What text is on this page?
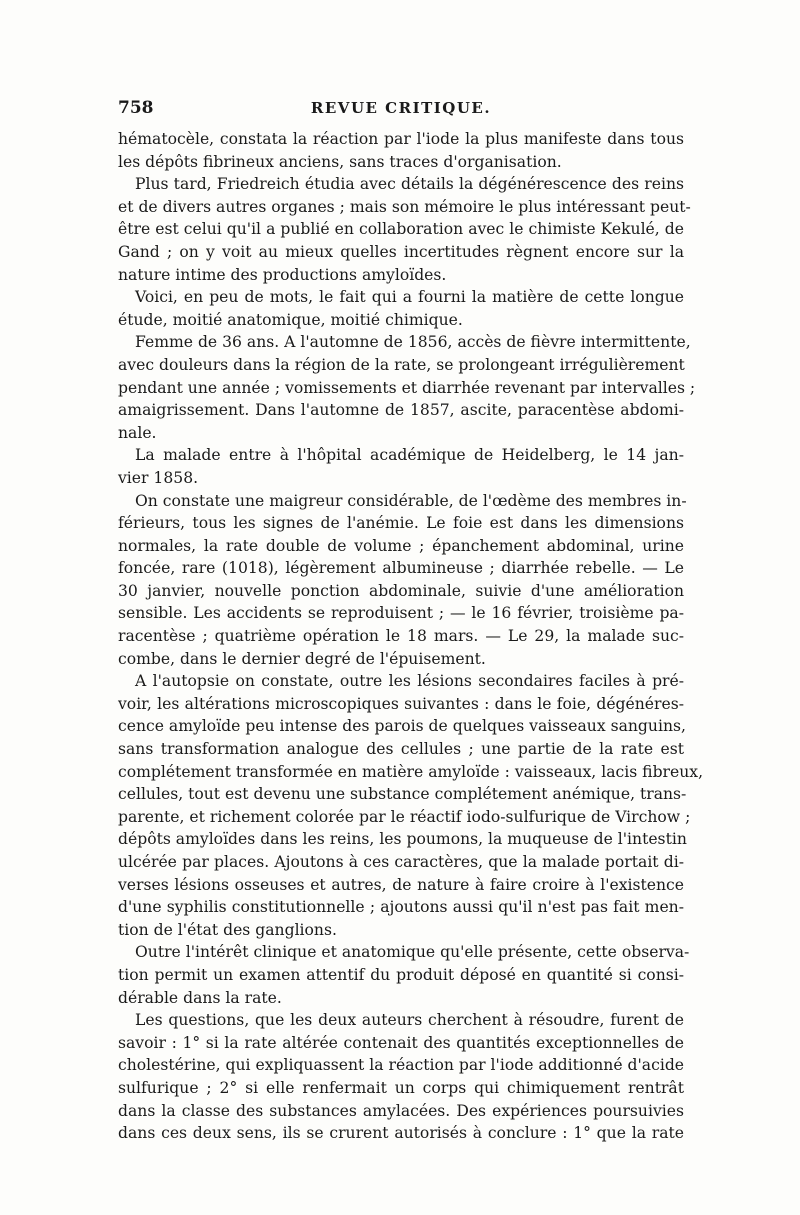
758	REVUE CRITIQUE.
hématocèle, constata la réaction par l'iode la plus manifeste dans tous
les dépôts fibrineux anciens, sans traces d'organisation.
Plus tard, Friedreich étudia avec détails la dégénérescence des reins
et de divers autres organes ; mais son mémoire le plus intéressant peut-
être est celui qu'il a publié en collaboration avec le chimiste Kekulé, de
Gand ; on y voit au mieux quelles incertitudes règnent encore sur la
nature intime des productions amyloïdes.
Voici, en peu de mots, le fait qui a fourni la matière de cette longue
étude, moitié anatomique, moitié chimique.
Femme de 36 ans. A l'automne de 1856, accès de fièvre intermittente,
avec douleurs dans la région de la rate, se prolongeant irrégulièrement
pendant une année ; vomissements et diarrhée revenant par intervalles ;
amaigrissement. Dans l'automne de 1857, ascite, paracentèse abdomi-
nale.
La malade entre à l'hôpital académique de Heidelberg, le 14 jan-
vier 1858.
On constate une maigreur considérable, de l'œdème des membres in-
férieurs, tous les signes de l'anémie. Le foie est dans les dimensions
normales, la rate double de volume ; épanchement abdominal, urine
foncée, rare (1018), légèrement albumineuse ; diarrhée rebelle. — Le
30 janvier, nouvelle ponction abdominale, suivie d'une amélioration
sensible. Les accidents se reproduisent ; — le 16 février, troisième pa-
racentèse ; quatrième opération le 18 mars. — Le 29, la malade suc-
combe, dans le dernier degré de l'épuisement.
A l'autopsie on constate, outre les lésions secondaires faciles à pré-
voir, les altérations microscopiques suivantes : dans le foie, dégénéres-
cence amyloïde peu intense des parois de quelques vaisseaux sanguins,
sans transformation analogue des cellules ; une partie de la rate est
complétement transformée en matière amyloïde : vaisseaux, lacis fibreux,
cellules, tout est devenu une substance complétement anémique, trans-
parente, et richement colorée par le réactif iodo-sulfurique de Virchow ;
dépôts amyloïdes dans les reins, les poumons, la muqueuse de l'intestin
ulcérée par places. Ajoutons à ces caractères, que la malade portait di-
verses lésions osseuses et autres, de nature à faire croire à l'existence
d'une syphilis constitutionnelle ; ajoutons aussi qu'il n'est pas fait men-
tion de l'état des ganglions.
Outre l'intérêt clinique et anatomique qu'elle présente, cette observa-
tion permit un examen attentif du produit déposé en quantité si consi-
dérable dans la rate.
Les questions, que les deux auteurs cherchent à résoudre, furent de
savoir : 1° si la rate altérée contenait des quantités exceptionnelles de
cholestérine, qui expliquassent la réaction par l'iode additionné d'acide
sulfurique ; 2° si elle renfermait un corps qui chimiquement rentrât
dans la classe des substances amylacées. Des expériences poursuivies
dans ces deux sens, ils se crurent autorisés à conclure : 1° que la rate
